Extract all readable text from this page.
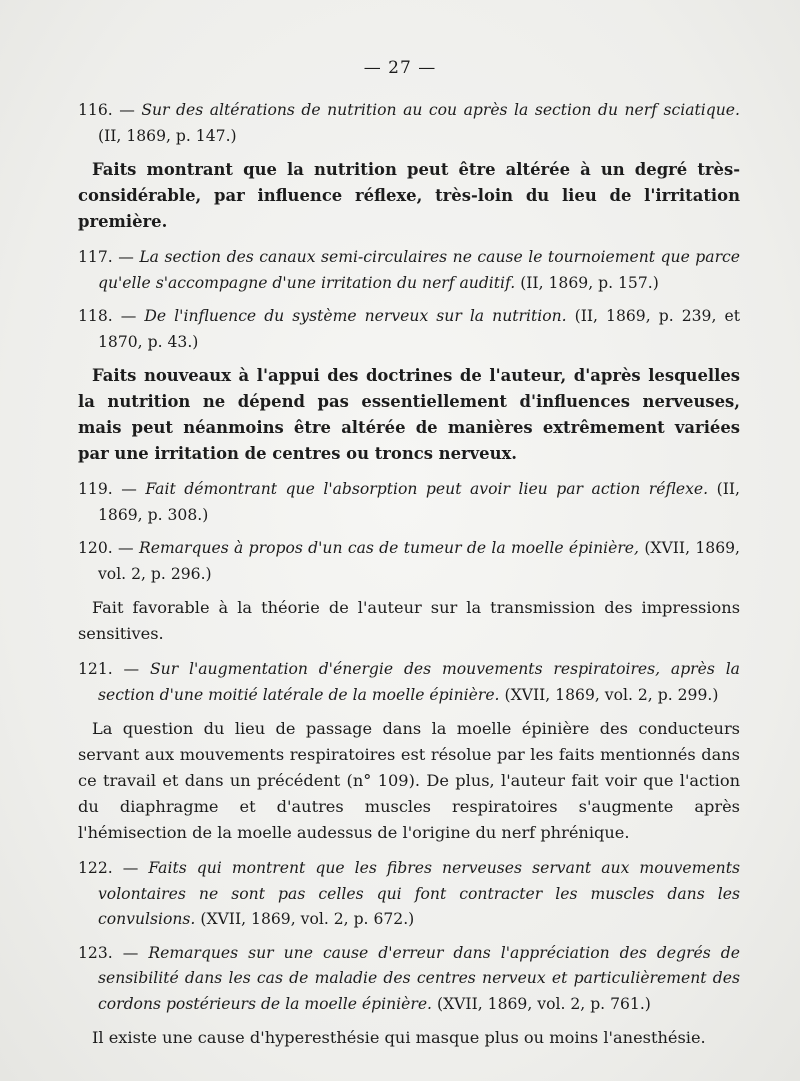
— 27 —

116. — Sur des altérations de nutrition au cou après la section du nerf sciatique. (II, 1869, p. 147.)

Faits montrant que la nutrition peut être altérée à un degré très-considérable, par influence réflexe, très-loin du lieu de l'irritation première.

117. — La section des canaux semi-circulaires ne cause le tournoiement que parce qu'elle s'accompagne d'une irritation du nerf auditif. (II, 1869, p. 157.)

118. — De l'influence du système nerveux sur la nutrition. (II, 1869, p. 239, et 1870, p. 43.)

Faits nouveaux à l'appui des doctrines de l'auteur, d'après lesquelles la nutrition ne dépend pas essentiellement d'influences nerveuses, mais peut néanmoins être altérée de manières extrêmement variées par une irritation de centres ou troncs nerveux.

119. — Fait démontrant que l'absorption peut avoir lieu par action réflexe. (II, 1869, p. 308.)

120. — Remarques à propos d'un cas de tumeur de la moelle épinière, (XVII, 1869, vol. 2, p. 296.)

Fait favorable à la théorie de l'auteur sur la transmission des impressions sensitives.

121. — Sur l'augmentation d'énergie des mouvements respiratoires, après la section d'une moitié latérale de la moelle épinière. (XVII, 1869, vol. 2, p. 299.)

La question du lieu de passage dans la moelle épinière des conducteurs servant aux mouvements respiratoires est résolue par les faits mentionnés dans ce travail et dans un précédent (n° 109). De plus, l'auteur fait voir que l'action du diaphragme et d'autres muscles respiratoires s'augmente après l'hémisection de la moelle audessus de l'origine du nerf phrénique.

122. — Faits qui montrent que les fibres nerveuses servant aux mouvements volontaires ne sont pas celles qui font contracter les muscles dans les convulsions. (XVII, 1869, vol. 2, p. 672.)

123. — Remarques sur une cause d'erreur dans l'appréciation des degrés de sensibilité dans les cas de maladie des centres nerveux et particulièrement des cordons postérieurs de la moelle épinière. (XVII, 1869, vol. 2, p. 761.)

Il existe une cause d'hyperesthésie qui masque plus ou moins l'anesthésie.
